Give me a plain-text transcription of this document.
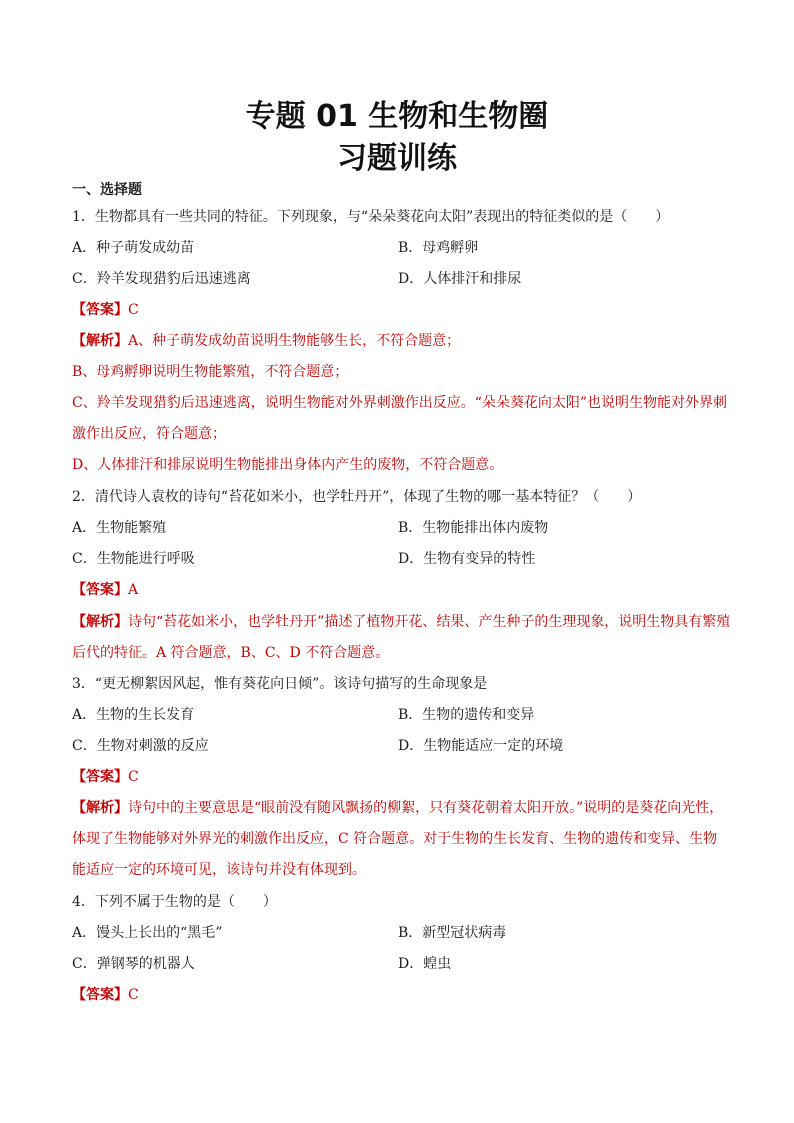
专题 01 生物和生物圈
习题训练
一、选择题
1．生物都具有一些共同的特征。下列现象，与“朵朵葵花向太阳”表现出的特征类似的是（　　）
A．种子萌发成幼苗	B．母鸡孵卵
C．羚羊发现猎豹后迅速逃离	D．人体排汗和排尿
【答案】C
【解析】A、种子萌发成幼苗说明生物能够生长，不符合题意；
B、母鸡孵卵说明生物能繁殖，不符合题意；
C、羚羊发现猎豹后迅速逃离，说明生物能对外界刺激作出反应。“朵朵葵花向太阳”也说明生物能对外界刺
激作出反应，符合题意；
D、人体排汗和排尿说明生物能排出身体内产生的废物，不符合题意。
2．清代诗人袁枚的诗句“苔花如米小，也学牡丹开”，体现了生物的哪一基本特征？（　　）
A．生物能繁殖	B．生物能排出体内废物
C．生物能进行呼吸	D．生物有变异的特性
【答案】A
【解析】诗句“苔花如米小，也学牡丹开”描述了植物开花、结果、产生种子的生理现象，说明生物具有繁殖
后代的特征。A 符合题意，B、C、D 不符合题意。
3．“更无柳絮因风起，惟有葵花向日倾”。该诗句描写的生命现象是
A．生物的生长发育	B．生物的遗传和变异
C．生物对刺激的反应	D．生物能适应一定的环境
【答案】C
【解析】诗句中的主要意思是“眼前没有随风飘扬的柳絮，只有葵花朝着太阳开放。”说明的是葵花向光性，
体现了生物能够对外界光的刺激作出反应，C 符合题意。对于生物的生长发育、生物的遗传和变异、生物
能适应一定的环境可见，该诗句并没有体现到。
4．下列不属于生物的是（　　）
A．馒头上长出的“黑毛”	B．新型冠状病毒
C．弹钢琴的机器人	D．蝗虫
【答案】C
